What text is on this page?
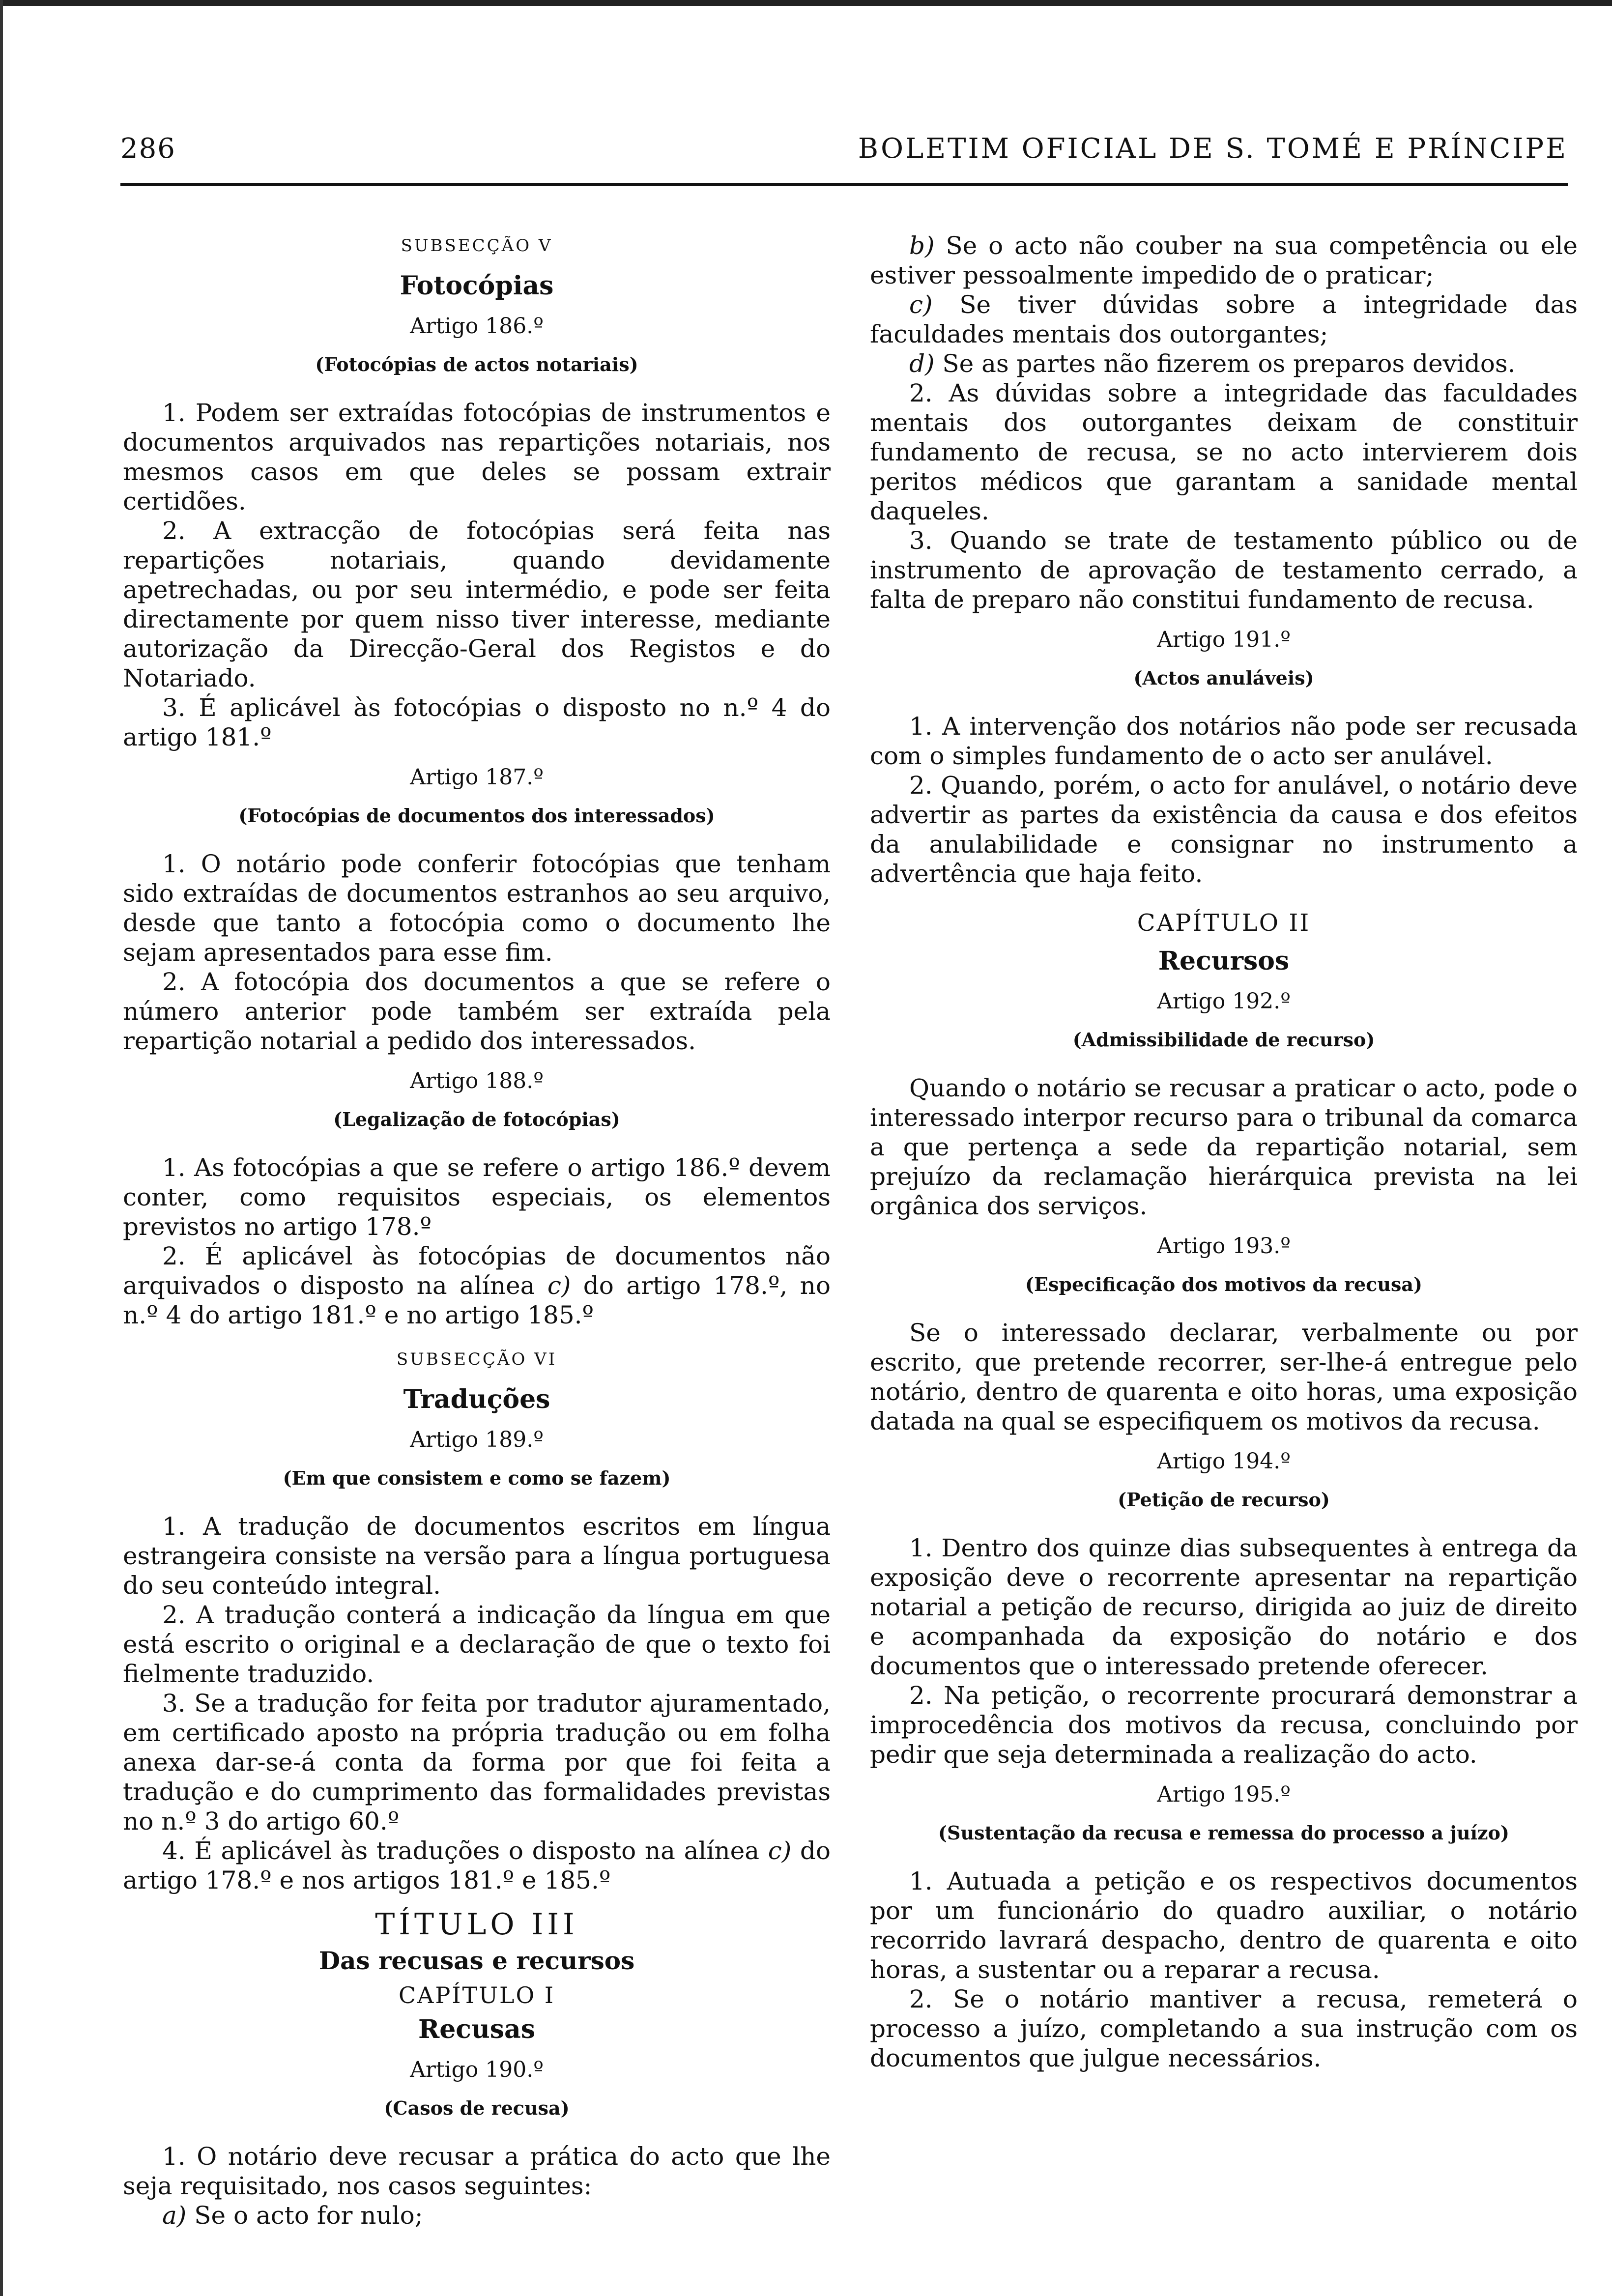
286	BOLETIM OFICIAL DE S. TOMÉ E PRÍNCIPE
SUBSECÇÃO V
Fotocópias
Artigo 186.º
(Fotocópias de actos notariais)

1. Podem ser extraídas fotocópias de instrumentos e documentos arquivados nas repartições notariais, nos mesmos casos em que deles se possam extrair certidões.

2. A extracção de fotocópias será feita nas repartições notariais, quando devidamente apetrechadas, ou por seu intermédio, e pode ser feita directamente por quem nisso tiver interesse, mediante autorização da Direcção-Geral dos Registos e do Notariado.

3. É aplicável às fotocópias o disposto no n.º 4 do artigo 181.º

Artigo 187.º
(Fotocópias de documentos dos interessados)

1. O notário pode conferir fotocópias que tenham sido extraídas de documentos estranhos ao seu arquivo, desde que tanto a fotocópia como o documento lhe sejam apresentados para esse fim.

2. A fotocópia dos documentos a que se refere o número anterior pode também ser extraída pela repartição notarial a pedido dos interessados.

Artigo 188.º
(Legalização de fotocópias)

1. As fotocópias a que se refere o artigo 186.º devem conter, como requisitos especiais, os elementos previstos no artigo 178.º

2. É aplicável às fotocópias de documentos não arquivados o disposto na alínea c) do artigo 178.º, no n.º 4 do artigo 181.º e no artigo 185.º

SUBSECÇÃO VI
Traduções
Artigo 189.º
(Em que consistem e como se fazem)

1. A tradução de documentos escritos em língua estrangeira consiste na versão para a língua portuguesa do seu conteúdo integral.

2. A tradução conterá a indicação da língua em que está escrito o original e a declaração de que o texto foi fielmente traduzido.

3. Se a tradução for feita por tradutor ajuramentado, em certificado aposto na própria tradução ou em folha anexa dar-se-á conta da forma por que foi feita a tradução e do cumprimento das formalidades previstas no n.º 3 do artigo 60.º

4. É aplicável às traduções o disposto na alínea c) do artigo 178.º e nos artigos 181.º e 185.º

TÍTULO III
Das recusas e recursos
CAPÍTULO I
Recusas
Artigo 190.º
(Casos de recusa)

1. O notário deve recusar a prática do acto que lhe seja requisitado, nos casos seguintes:

a) Se o acto for nulo;

b) Se o acto não couber na sua competência ou ele estiver pessoalmente impedido de o praticar;

c) Se tiver dúvidas sobre a integridade das faculdades mentais dos outorgantes;

d) Se as partes não fizerem os preparos devidos.

2. As dúvidas sobre a integridade das faculdades mentais dos outorgantes deixam de constituir fundamento de recusa, se no acto intervierem dois peritos médicos que garantam a sanidade mental daqueles.

3. Quando se trate de testamento público ou de instrumento de aprovação de testamento cerrado, a falta de preparo não constitui fundamento de recusa.

Artigo 191.º
(Actos anuláveis)

1. A intervenção dos notários não pode ser recusada com o simples fundamento de o acto ser anulável.

2. Quando, porém, o acto for anulável, o notário deve advertir as partes da existência da causa e dos efeitos da anulabilidade e consignar no instrumento a advertência que haja feito.

CAPÍTULO II
Recursos
Artigo 192.º
(Admissibilidade de recurso)

Quando o notário se recusar a praticar o acto, pode o interessado interpor recurso para o tribunal da comarca a que pertença a sede da repartição notarial, sem prejuízo da reclamação hierárquica prevista na lei orgânica dos serviços.

Artigo 193.º
(Especificação dos motivos da recusa)

Se o interessado declarar, verbalmente ou por escrito, que pretende recorrer, ser-lhe-á entregue pelo notário, dentro de quarenta e oito horas, uma exposição datada na qual se especifiquem os motivos da recusa.

Artigo 194.º
(Petição de recurso)

1. Dentro dos quinze dias subsequentes à entrega da exposição deve o recorrente apresentar na repartição notarial a petição de recurso, dirigida ao juiz de direito e acompanhada da exposição do notário e dos documentos que o interessado pretende oferecer.

2. Na petição, o recorrente procurará demonstrar a improcedência dos motivos da recusa, concluindo por pedir que seja determinada a realização do acto.

Artigo 195.º
(Sustentação da recusa e remessa do processo a juízo)

1. Autuada a petição e os respectivos documentos por um funcionário do quadro auxiliar, o notário recorrido lavrará despacho, dentro de quarenta e oito horas, a sustentar ou a reparar a recusa.

2. Se o notário mantiver a recusa, remeterá o processo a juízo, completando a sua instrução com os documentos que julgue necessários.
